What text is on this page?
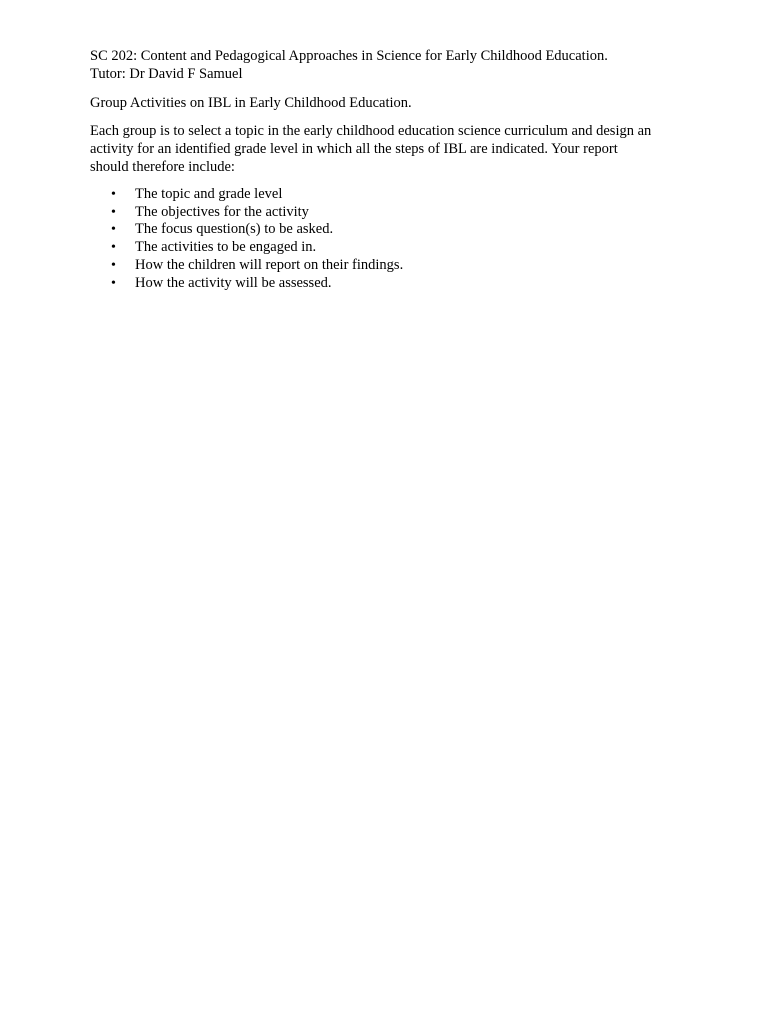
SC 202: Content and Pedagogical Approaches in Science for Early Childhood Education.
Tutor: Dr David F Samuel
Group Activities on IBL in Early Childhood Education.
Each group is to select a topic in the early childhood education science curriculum and design an
activity for an identified grade level in which all the steps of IBL are indicated. Your report
should therefore include:
• The topic and grade level
• The objectives for the activity
• The focus question(s) to be asked.
• The activities to be engaged in.
• How the children will report on their findings.
• How the activity will be assessed.
